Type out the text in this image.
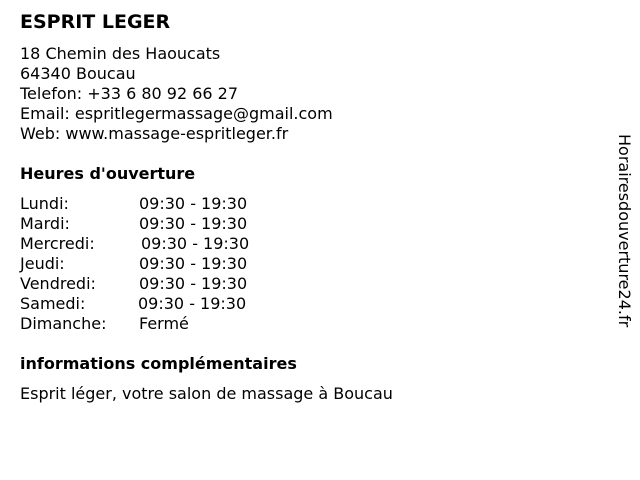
ESPRIT LEGER
18 Chemin des Haoucats
64340 Boucau
Telefon: +33 6 80 92 66 27
Email: espritlegermassage@gmail.com
Web: www.massage-espritleger.fr
Heures d'ouverture
Lundi:	09:30 - 19:30
Mardi:	09:30 - 19:30
Mercredi:	09:30 - 19:30
Jeudi:	09:30 - 19:30
Vendredi:	09:30 - 19:30
Samedi:	09:30 - 19:30
Dimanche: Fermé
informations complémentaires
Esprit léger, votre salon de massage à Boucau
Horairesdouverture24.fr
